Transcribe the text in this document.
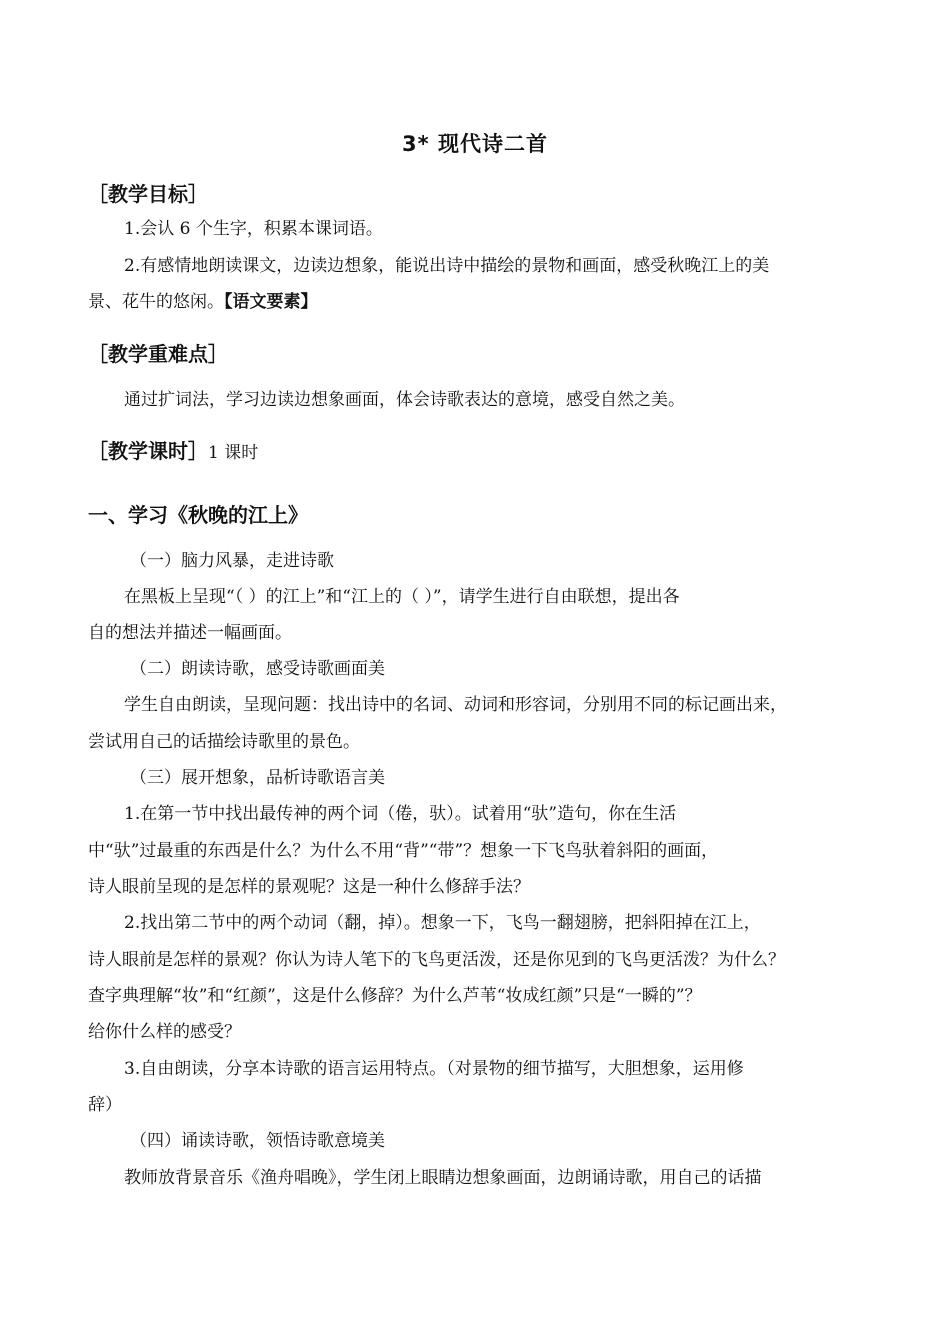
3* 现代诗二首
［教学目标］
1.会认 6 个生字，积累本课词语。
2.有感情地朗读课文，边读边想象，能说出诗中描绘的景物和画面，感受秋晚江上的美
景、花牛的悠闲。【语文要素】
［教学重难点］
通过扩词法，学习边读边想象画面，体会诗歌表达的意境，感受自然之美。
［教学课时］1 课时
一、学习《秋晚的江上》
（一）脑力风暴，走进诗歌
在黑板上呈现“（ ）的江上”和“江上的（ ）”，请学生进行自由联想，提出各
自的想法并描述一幅画面。
（二）朗读诗歌，感受诗歌画面美
学生自由朗读，呈现问题：找出诗中的名词、动词和形容词，分别用不同的标记画出来，
尝试用自己的话描绘诗歌里的景色。
（三）展开想象，品析诗歌语言美
1.在第一节中找出最传神的两个词（倦，驮）。试着用“驮”造句，你在生活
中“驮”过最重的东西是什么？为什么不用“背”“带”？想象一下飞鸟驮着斜阳的画面，
诗人眼前呈现的是怎样的景观呢？这是一种什么修辞手法？
2.找出第二节中的两个动词（翻，掉）。想象一下，飞鸟一翻翅膀，把斜阳掉在江上，
诗人眼前是怎样的景观？你认为诗人笔下的飞鸟更活泼，还是你见到的飞鸟更活泼？为什么？
查字典理解“妆”和“红颜”，这是什么修辞？为什么芦苇“妆成红颜”只是“一瞬的”？
给你什么样的感受？
3.自由朗读，分享本诗歌的语言运用特点。（对景物的细节描写，大胆想象，运用修
辞）
（四）诵读诗歌，领悟诗歌意境美
教师放背景音乐《渔舟唱晚》，学生闭上眼睛边想象画面，边朗诵诗歌，用自己的话描
